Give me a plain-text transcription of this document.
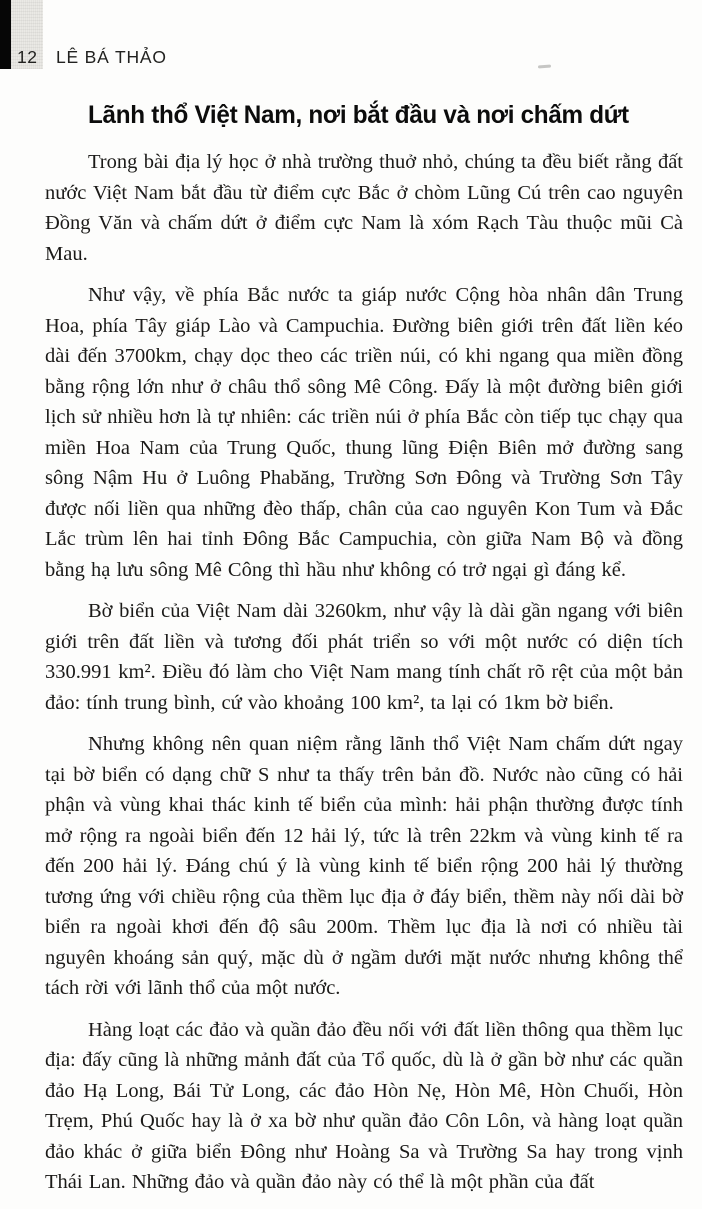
12 LÊ BÁ THẢO
Lãnh thổ Việt Nam, nơi bắt đầu và nơi chấm dứt

Trong bài địa lý học ở nhà trường thuở nhỏ, chúng ta đều biết rằng đất nước Việt Nam bắt đầu từ điểm cực Bắc ở chòm Lũng Cú trên cao nguyên Đồng Văn và chấm dứt ở điểm cực Nam là xóm Rạch Tàu thuộc mũi Cà Mau.

Như vậy, về phía Bắc nước ta giáp nước Cộng hòa nhân dân Trung Hoa, phía Tây giáp Lào và Campuchia. Đường biên giới trên đất liền kéo dài đến 3700km, chạy dọc theo các triền núi, có khi ngang qua miền đồng bằng rộng lớn như ở châu thổ sông Mê Công. Đấy là một đường biên giới lịch sử nhiều hơn là tự nhiên: các triền núi ở phía Bắc còn tiếp tục chạy qua miền Hoa Nam của Trung Quốc, thung lũng Điện Biên mở đường sang sông Nậm Hu ở Luông Phabăng, Trường Sơn Đông và Trường Sơn Tây được nối liền qua những đèo thấp, chân của cao nguyên Kon Tum và Đắc Lắc trùm lên hai tỉnh Đông Bắc Campuchia, còn giữa Nam Bộ và đồng bằng hạ lưu sông Mê Công thì hầu như không có trở ngại gì đáng kể.

Bờ biển của Việt Nam dài 3260km, như vậy là dài gần ngang với biên giới trên đất liền và tương đối phát triển so với một nước có diện tích 330.991 km². Điều đó làm cho Việt Nam mang tính chất rõ rệt của một bản đảo: tính trung bình, cứ vào khoảng 100 km², ta lại có 1km bờ biển.

Nhưng không nên quan niệm rằng lãnh thổ Việt Nam chấm dứt ngay tại bờ biển có dạng chữ S như ta thấy trên bản đồ. Nước nào cũng có hải phận và vùng khai thác kinh tế biển của mình: hải phận thường được tính mở rộng ra ngoài biển đến 12 hải lý, tức là trên 22km và vùng kinh tế ra đến 200 hải lý. Đáng chú ý là vùng kinh tế biển rộng 200 hải lý thường tương ứng với chiều rộng của thềm lục địa ở đáy biển, thềm này nối dài bờ biển ra ngoài khơi đến độ sâu 200m. Thềm lục địa là nơi có nhiều tài nguyên khoáng sản quý, mặc dù ở ngầm dưới mặt nước nhưng không thể tách rời với lãnh thổ của một nước.

Hàng loạt các đảo và quần đảo đều nối với đất liền thông qua thềm lục địa: đấy cũng là những mảnh đất của Tổ quốc, dù là ở gần bờ như các quần đảo Hạ Long, Bái Tử Long, các đảo Hòn Nẹ, Hòn Mê, Hòn Chuối, Hòn Trẹm, Phú Quốc hay là ở xa bờ như quần đảo Côn Lôn, và hàng loạt quần đảo khác ở giữa biển Đông như Hoàng Sa và Trường Sa hay trong vịnh Thái Lan. Những đảo và quần đảo này có thể là một phần của đất
